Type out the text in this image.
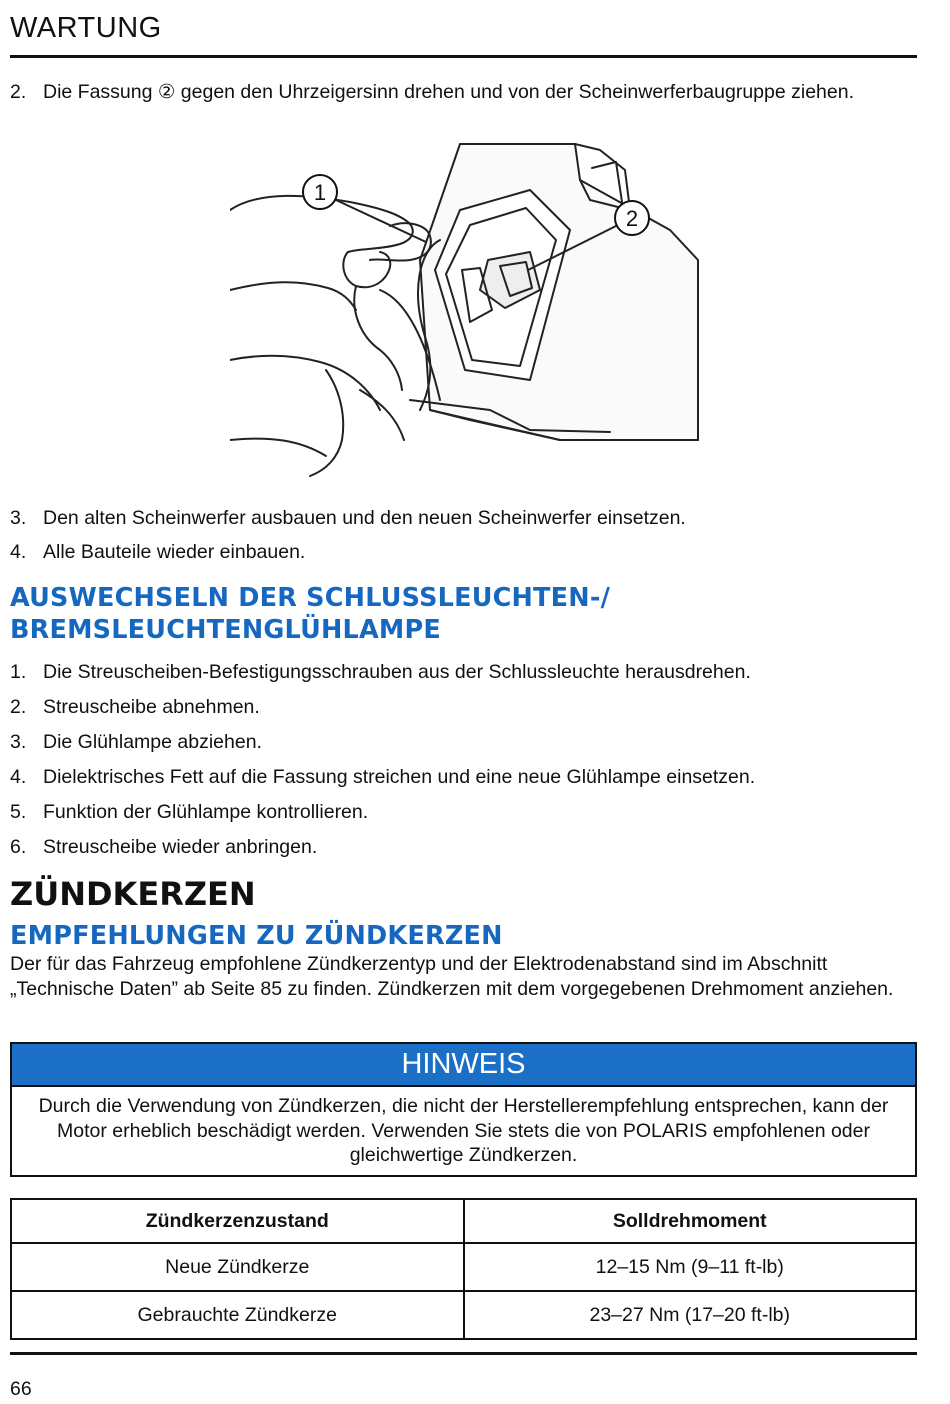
WARTUNG
2. Die Fassung ② gegen den Uhrzeigersinn drehen und von der Scheinwerferbaugruppe ziehen.
1
2
3. Den alten Scheinwerfer ausbauen und den neuen Scheinwerfer einsetzen.
4. Alle Bauteile wieder einbauen.
AUSWECHSELN DER SCHLUSSLEUCHTEN-/
BREMSLEUCHTENGLÜHLAMPE
1. Die Streuscheiben-Befestigungsschrauben aus der Schlussleuchte herausdrehen.
2. Streuscheibe abnehmen.
3. Die Glühlampe abziehen.
4. Dielektrisches Fett auf die Fassung streichen und eine neue Glühlampe einsetzen.
5. Funktion der Glühlampe kontrollieren.
6. Streuscheibe wieder anbringen.
ZÜNDKERZEN
EMPFEHLUNGEN ZU ZÜNDKERZEN
Der für das Fahrzeug empfohlene Zündkerzentyp und der Elektrodenabstand sind im Abschnitt „Technische Daten” ab Seite 85 zu finden. Zündkerzen mit dem vorgegebenen Drehmoment anziehen.
HINWEIS
Durch die Verwendung von Zündkerzen, die nicht der Herstellerempfehlung entsprechen, kann der Motor erheblich beschädigt werden. Verwenden Sie stets die von POLARIS empfohlenen oder gleichwertige Zündkerzen.
Zündkerzenzustand	Solldrehmoment
Neue Zündkerze	12–15 Nm (9–11 ft-lb)
Gebrauchte Zündkerze	23–27 Nm (17–20 ft-lb)
66
